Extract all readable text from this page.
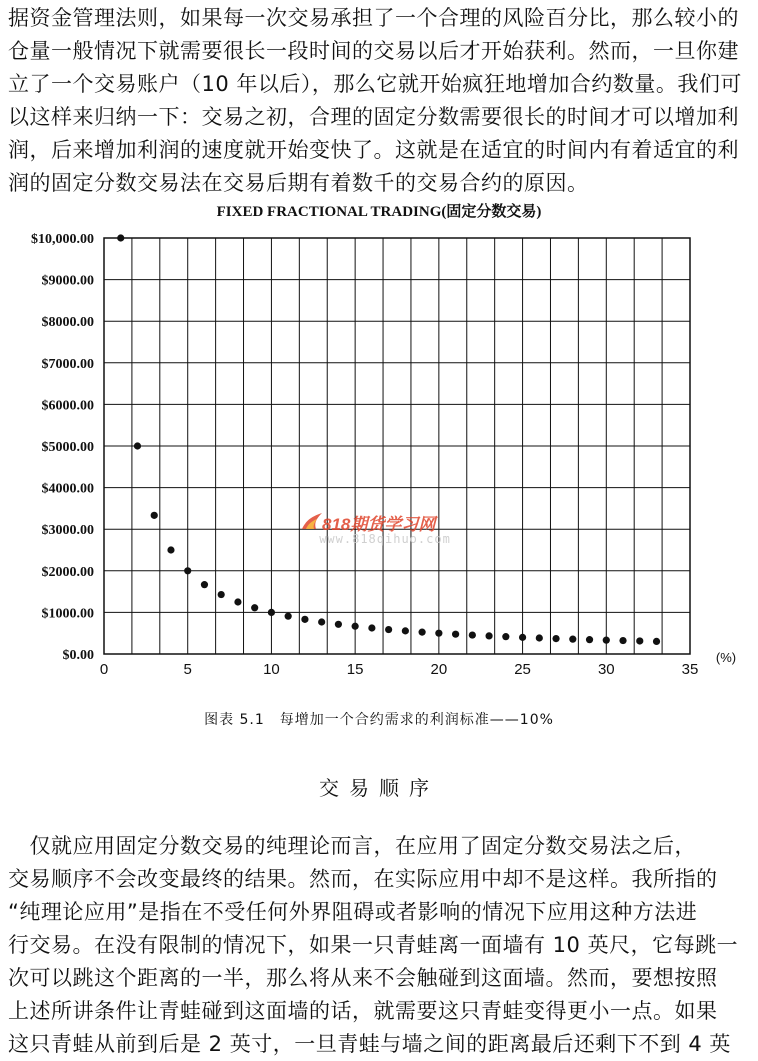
据资金管理法则，如果每一次交易承担了一个合理的风险百分比，那么较小的
仓量一般情况下就需要很长一段时间的交易以后才开始获利。然而，一旦你建
立了一个交易账户（10 年以后），那么它就开始疯狂地增加合约数量。我们可
以这样来归纳一下：交易之初，合理的固定分数需要很长的时间才可以增加利
润，后来增加利润的速度就开始变快了。这就是在适宜的时间内有着适宜的利
润的固定分数交易法在交易后期有着数千的交易合约的原因。
FIXED FRACTIONAL TRADING(固定分数交易)
$0.00
$1000.00
$2000.00
$3000.00
$4000.00
$5000.00
$6000.00
$7000.00
$8000.00
$9000.00
$10,000.00
0	5	10	15	20	25	30	35
(%)
818期货学习网
www.818qihuo.com
图表 5.1　每增加一个合约需求的利润标准——10%
交易顺序
　仅就应用固定分数交易的纯理论而言，在应用了固定分数交易法之后，
交易顺序不会改变最终的结果。然而，在实际应用中却不是这样。我所指的
“纯理论应用”是指在不受任何外界阻碍或者影响的情况下应用这种方法进
行交易。在没有限制的情况下，如果一只青蛙离一面墙有 10 英尺，它每跳一
次可以跳这个距离的一半，那么将从来不会触碰到这面墙。然而，要想按照
上述所讲条件让青蛙碰到这面墙的话，就需要这只青蛙变得更小一点。如果
这只青蛙从前到后是 2 英寸，一旦青蛙与墙之间的距离最后还剩下不到 4 英
